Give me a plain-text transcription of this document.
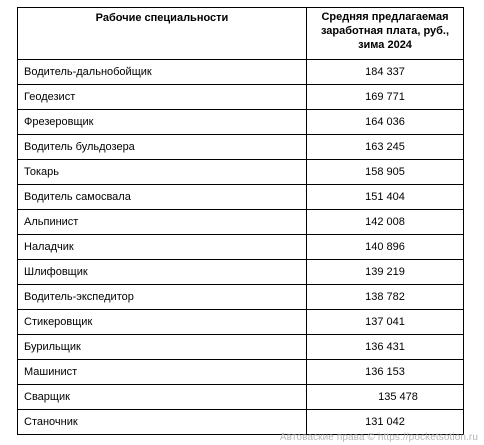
Рабочие специальности	Средняя предлагаемая заработная плата, руб., зима 2024
Водитель-дальнобойщик	184 337
Геодезист	169 771
Фрезеровщик	164 036
Водитель бульдозера	163 245
Токарь	158 905
Водитель самосвала	151 404
Альпинист	142 008
Наладчик	140 896
Шлифовщик	139 219
Водитель-экспедитор	138 782
Стикеровщик	137 041
Бурильщик	136 431
Машинист	136 153
Сварщик	135 478
Станочник	131 042
Автоваские права © https://pocketsotion.ru
